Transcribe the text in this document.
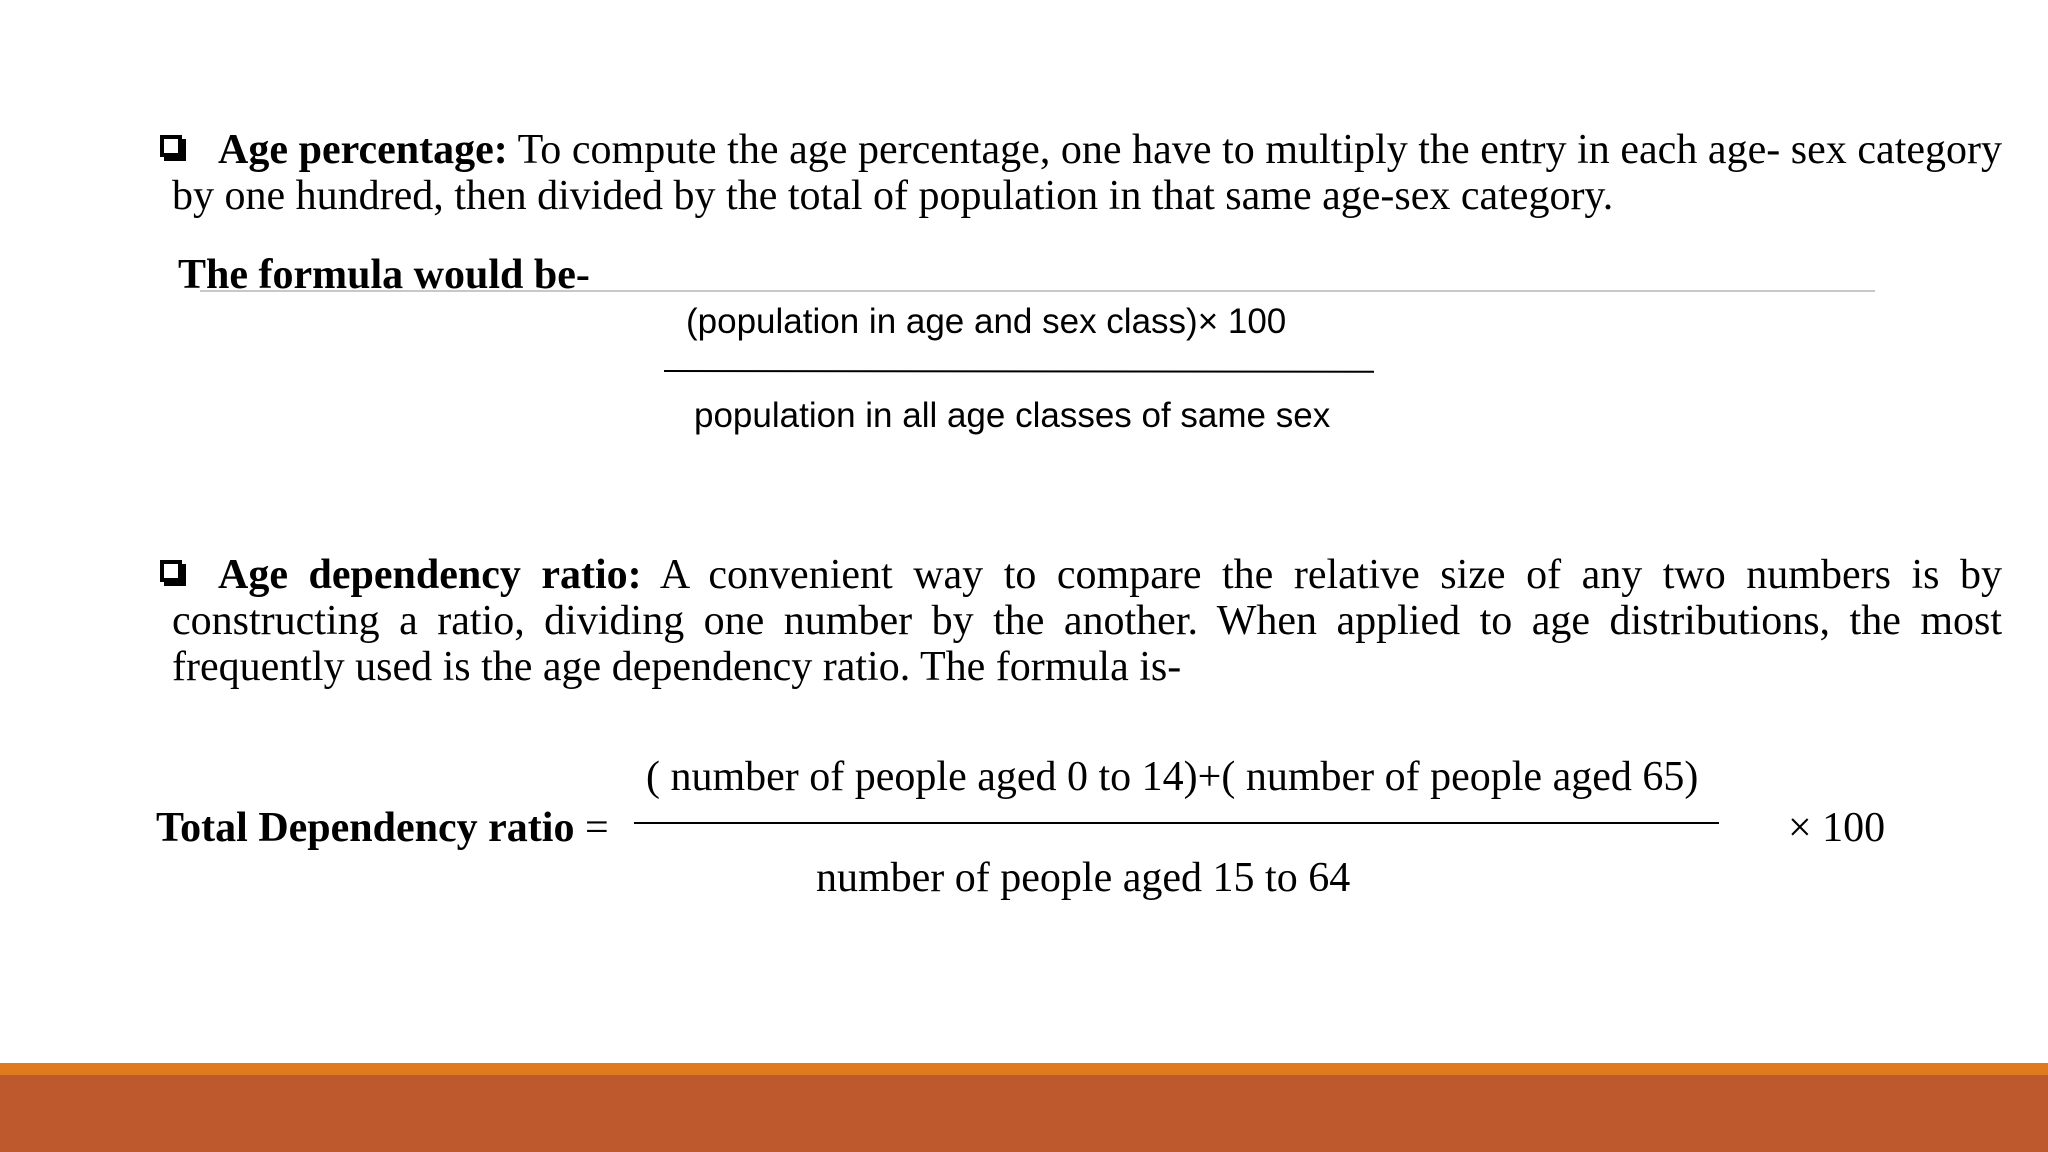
Age percentage: To compute the age percentage, one have to multiply the entry in each age- sex category by one hundred, then divided by the total of population in that same age-sex category.

The formula would be-
(population in age and sex class)× 100
population in all age classes of same sex

Age dependency ratio: A convenient way to compare the relative size of any two numbers is by constructing a ratio, dividing one number by the another. When applied to age distributions, the most frequently used is the age dependency ratio. The formula is-

Total Dependency ratio =
( number of people aged 0 to 14)+( number of people aged 65)
number of people aged 15 to 64
× 100
